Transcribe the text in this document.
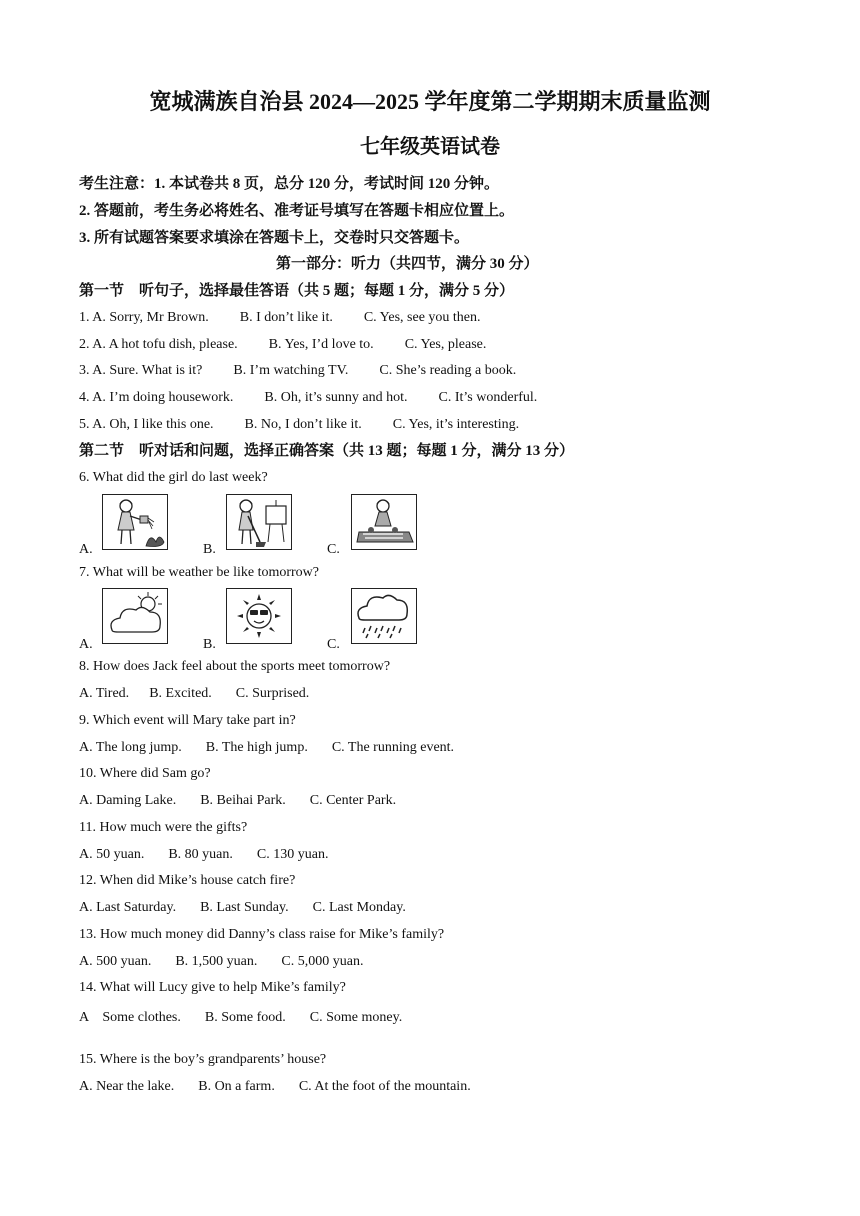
宽城满族自治县 2024—2025 学年度第二学期期末质量监测
七年级英语试卷
考生注意：1. 本试卷共 8 页，总分 120 分，考试时间 120 分钟。
2. 答题前，考生务必将姓名、准考证号填写在答题卡相应位置上。
3. 所有试题答案要求填涂在答题卡上，交卷时只交答题卡。
第一部分：听力（共四节，满分 30 分）
第一节　听句子，选择最佳答语（共 5 题；每题 1 分，满分 5 分）
1. A. Sorry, Mr Brown. B. I don’t like it. C. Yes, see you then.
2. A. A hot tofu dish, please. B. Yes, I’d love to. C. Yes, please.
3. A. Sure. What is it? B. I’m watching TV. C. She’s reading a book.
4. A. I’m doing housework. B. Oh, it’s sunny and hot. C. It’s wonderful.
5. A. Oh, I like this one. B. No, I don’t like it. C. Yes, it’s interesting.
第二节　听对话和问题，选择正确答案（共 13 题；每题 1 分，满分 13 分）
6. What did the girl do last week?
A.	B.	C.
7. What will be weather be like tomorrow?
A.	B.	C.
8. How does Jack feel about the sports meet tomorrow?
A. Tired. B. Excited. C. Surprised.
9. Which event will Mary take part in?
A. The long jump. B. The high jump. C. The running event.
10. Where did Sam go?
A. Daming Lake. B. Beihai Park. C. Center Park.
11. How much were the gifts?
A. 50 yuan. B. 80 yuan. C. 130 yuan.
12. When did Mike’s house catch fire?
A. Last Saturday. B. Last Sunday. C. Last Monday.
13. How much money did Danny’s class raise for Mike’s family?
A. 500 yuan. B. 1,500 yuan. C. 5,000 yuan.
14. What will Lucy give to help Mike’s family?
A　Some clothes. B. Some food. C. Some money.
15. Where is the boy’s grandparents’ house?
A. Near the lake. B. On a farm. C. At the foot of the mountain.
